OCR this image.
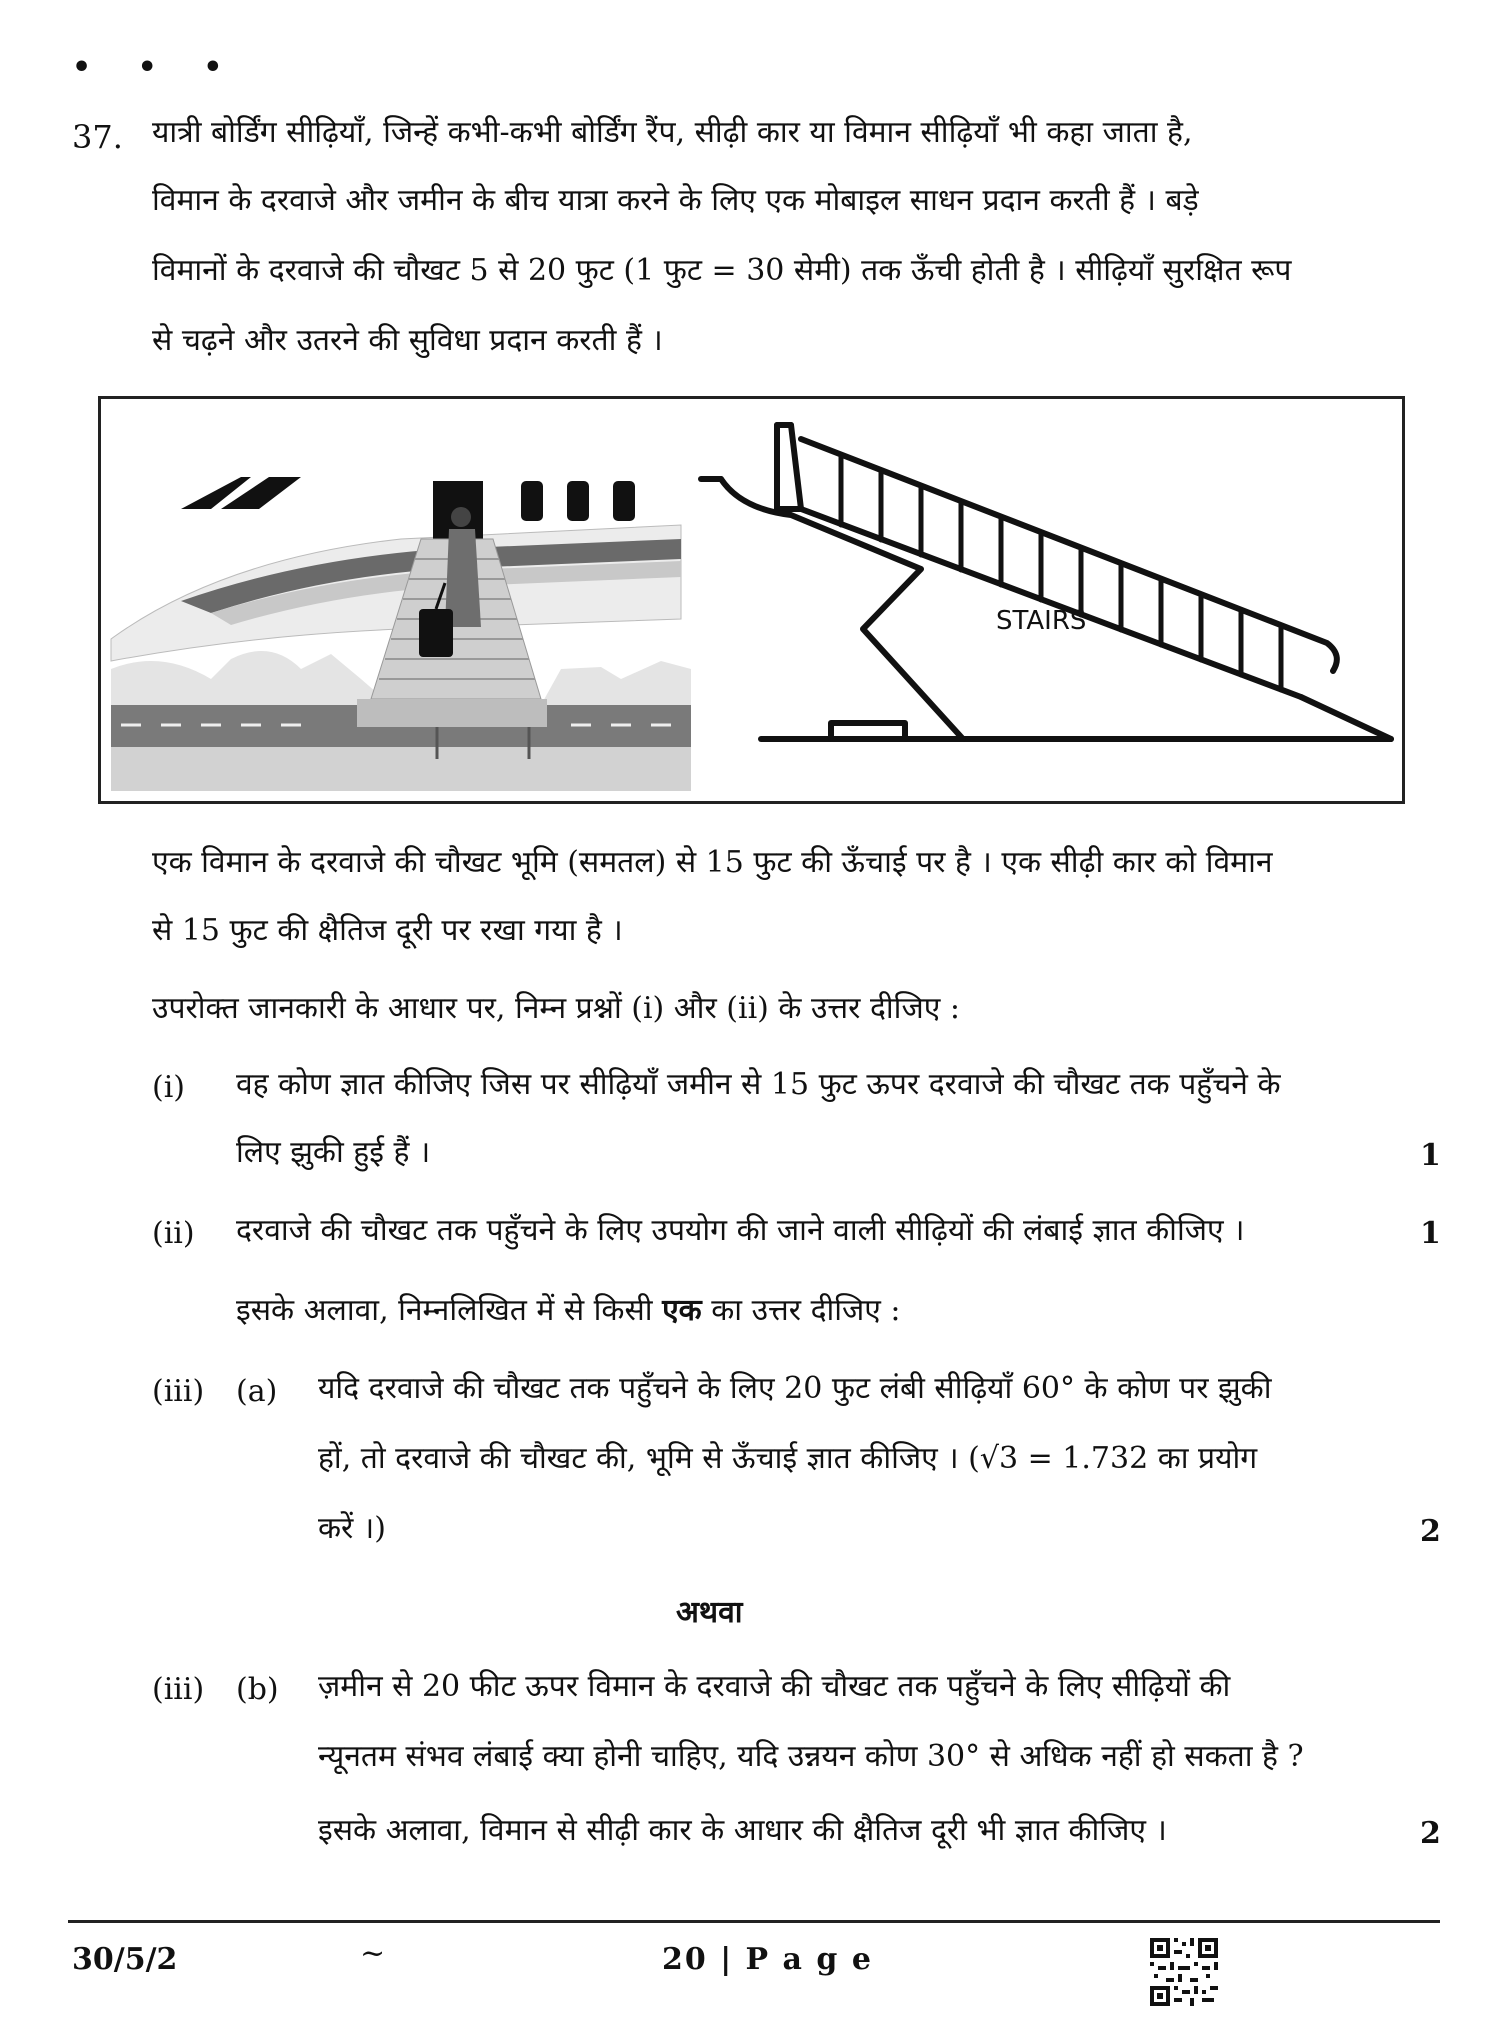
• • •
37. यात्री बोर्डिंग सीढ़ियाँ, जिन्हें कभी-कभी बोर्डिंग रैंप, सीढ़ी कार या विमान सीढ़ियाँ भी कहा जाता है,
विमान के दरवाजे और जमीन के बीच यात्रा करने के लिए एक मोबाइल साधन प्रदान करती हैं । बड़े
विमानों के दरवाजे की चौखट 5 से 20 फुट (1 फुट = 30 सेमी) तक ऊँची होती है । सीढ़ियाँ सुरक्षित रूप
से चढ़ने और उतरने की सुविधा प्रदान करती हैं ।
STAIRS
एक विमान के दरवाजे की चौखट भूमि (समतल) से 15 फुट की ऊँचाई पर है । एक सीढ़ी कार को विमान
से 15 फुट की क्षैतिज दूरी पर रखा गया है ।
उपरोक्त जानकारी के आधार पर, निम्न प्रश्नों (i) और (ii) के उत्तर दीजिए :
(i) वह कोण ज्ञात कीजिए जिस पर सीढ़ियाँ जमीन से 15 फुट ऊपर दरवाजे की चौखट तक पहुँचने के
लिए झुकी हुई हैं ।	1
(ii) दरवाजे की चौखट तक पहुँचने के लिए उपयोग की जाने वाली सीढ़ियों की लंबाई ज्ञात कीजिए ।	1
इसके अलावा, निम्नलिखित में से किसी एक का उत्तर दीजिए :
(iii) (a) यदि दरवाजे की चौखट तक पहुँचने के लिए 20 फुट लंबी सीढ़ियाँ 60° के कोण पर झुकी
हों, तो दरवाजे की चौखट की, भूमि से ऊँचाई ज्ञात कीजिए । (√3 = 1.732 का प्रयोग
करें ।)	2
अथवा
(iii) (b) ज़मीन से 20 फीट ऊपर विमान के दरवाजे की चौखट तक पहुँचने के लिए सीढ़ियों की
न्यूनतम संभव लंबाई क्या होनी चाहिए, यदि उन्नयन कोण 30° से अधिक नहीं हो सकता है ?
इसके अलावा, विमान से सीढ़ी कार के आधार की क्षैतिज दूरी भी ज्ञात कीजिए ।	2
30/5/2	~	20 | P a g e
